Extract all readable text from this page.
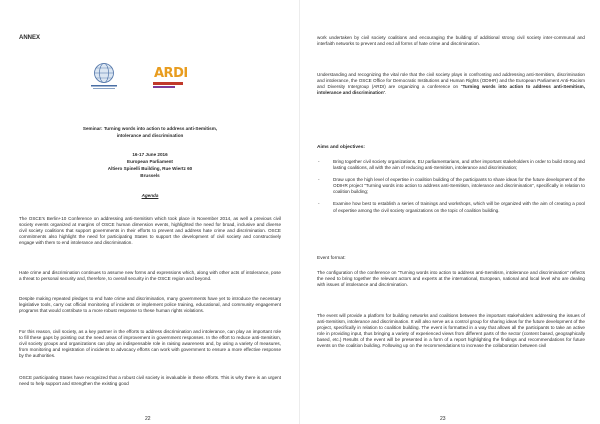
ANNEX

ARDI

Seminar: Turning words into action to address anti-Semitism,

intolerance and discrimination

16-17 June 2016

European Parliament

Altiero Spinelli Building, Rue Wiertz 60

Brussels

Agenda

The OSCE's Berlin+10 Conference on addressing anti-Semitism which took place in November 2014, as well a previous civil society events organized at margins of OSCE human dimension events, highlighted the need for broad, inclusive and diverse civil society coalitions that support governments in their efforts to prevent and address hate crime and discrimination. OSCE commitments also highlight the need for participating States to support the development of civil society and constructively engage with them to end intolerance and discrimination.

Hate crime and discrimination continues to assume new forms and expressions which, along with other acts of intolerance, pose a threat to personal security and, therefore, to overall security in the OSCE region and beyond.

Despite making repeated pledges to end hate crime and discrimination, many governments have yet to introduce the necessary legislative tools, carry out official monitoring of incidents or implement police training, educational, and community engagement programs that would contribute to a more robust response to these human rights violations.

For this reason, civil society, as a key partner in the efforts to address discrimination and intolerance, can play an important role to fill these gaps by pointing out the need areas of improvement in government responses. In the effort to reduce anti-Semitism, civil society groups and organizations can play an indispensable role in raising awareness and, by using a variety of measures, from monitoring and registration of incidents to advocacy efforts can work with government to ensure a more effective response by the authorities.

OSCE participating States have recognized that a robust civil society is invaluable in these efforts. This is why there is an urgent need to help support and strengthen the existing good

22

work undertaken by civil society coalitions and encouraging the building of additional strong civil society inter-communal and interfaith networks to prevent and end all forms of hate crime and discrimination.

Understanding and recognizing the vital role that the civil society plays in confronting and addressing anti-Semitism, discrimination and intolerance, the OSCE Office for Democratic Institutions and Human Rights (ODIHR) and the European Parliament Anti-Racism and Diversity Intergroup (ARDI) are organizing a conference on “Turning words into action to address anti-Semitism, intolerance and discrimination”.

Aims and objectives:

-	Bring together civil society organizations, EU parliamentarians, and other important stakeholders in order to build strong and lasting coalitions, all with the aim of reducing anti-Semitism, intolerance and discrimination;
-	Draw upon the high level of expertise in coalition building of the participants to share ideas for the future development of the ODIHR project “Turning words into action to address anti-Semitism, intolerance and discrimination”, specifically in relation to coalition building;
-	Examine how best to establish a series of trainings and workshops, which will be organized with the aim of creating a pool of expertise among the civil society organizations on the topic of coalition building.

Event format:

The configuration of the conference on “Turning words into action to address anti-Semitism, intolerance and discrimination” reflects the need to bring together the relevant actors and experts at the international, European, national and local level who are dealing with issues of intolerance and discrimination.

The event will provide a platform for building networks and coalitions between the important stakeholders addressing the issues of anti-Semitism, intolerance and discrimination. It will also serve as a control group for sharing ideas for the future development of the project, specifically in relation to coalition building. The event is formatted in a way that allows all the participants to take an active role in providing input, thus bringing a variety of experienced views from different parts of the sector (content based, geographically based, etc.) Results of the event will be presented in a form of a report highlighting the findings and recommendations for future events on the coalition building. Following up on the recommendations to increase the collaboration between civil

23
